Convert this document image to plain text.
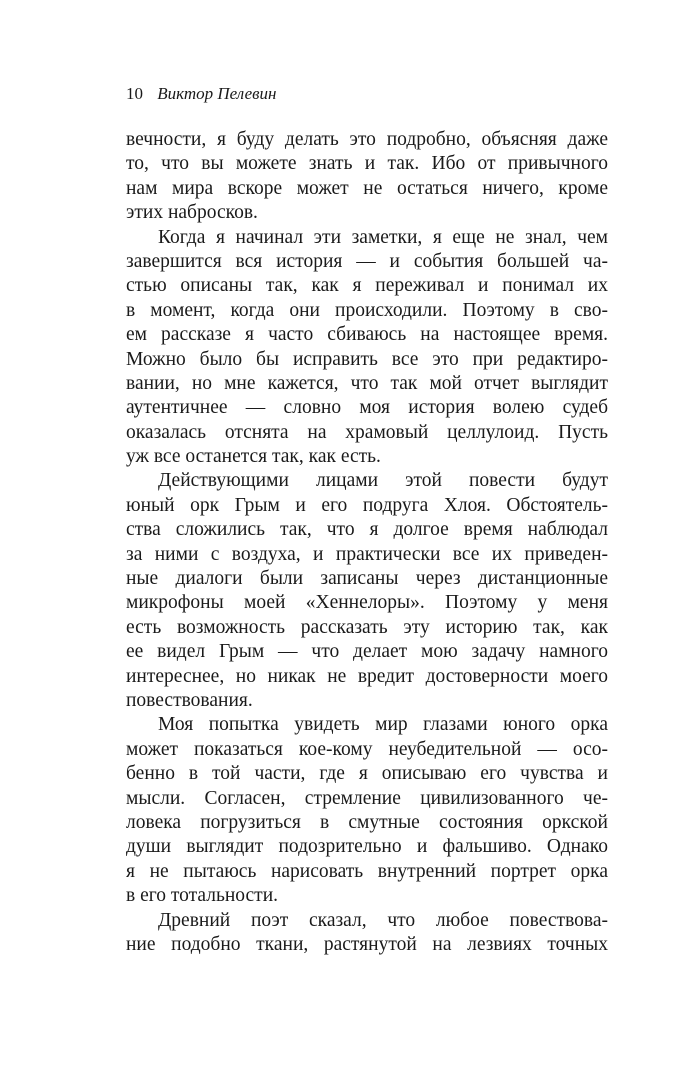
10 Виктор Пелевин
вечности, я буду делать это подробно, объясняя даже
то, что вы можете знать и так. Ибо от привычного
нам мира вскоре может не остаться ничего, кроме
этих набросков.
Когда я начинал эти заметки, я еще не знал, чем
завершится вся история — и события большей ча-
стью описаны так, как я переживал и понимал их
в момент, когда они происходили. Поэтому в сво-
ем рассказе я часто сбиваюсь на настоящее время.
Можно было бы исправить все это при редактиро-
вании, но мне кажется, что так мой отчет выглядит
аутентичнее — словно моя история волею судеб
оказалась отснята на храмовый целлулоид. Пусть
уж все останется так, как есть.
Действующими лицами этой повести будут
юный орк Грым и его подруга Хлоя. Обстоятель-
ства сложились так, что я долгое время наблюдал
за ними с воздуха, и практически все их приведен-
ные диалоги были записаны через дистанционные
микрофоны моей «Хеннелоры». Поэтому у меня
есть возможность рассказать эту историю так, как
ее видел Грым — что делает мою задачу намного
интереснее, но никак не вредит достоверности моего
повествования.
Моя попытка увидеть мир глазами юного орка
может показаться кое-кому неубедительной — осо-
бенно в той части, где я описываю его чувства и
мысли. Согласен, стремление цивилизованного че-
ловека погрузиться в смутные состояния оркской
души выглядит подозрительно и фальшиво. Однако
я не пытаюсь нарисовать внутренний портрет орка
в его тотальности.
Древний поэт сказал, что любое повествова-
ние подобно ткани, растянутой на лезвиях точных
